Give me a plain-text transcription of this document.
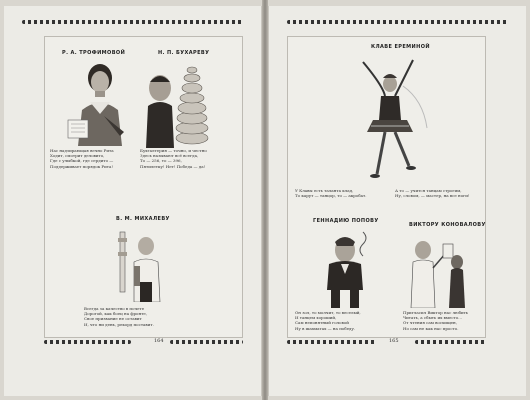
Р. А. ТРОФИМОВОЙ	Н. П. БУХАРЕВУ
Нас надзирающая вечно Рита
Ходит, смотрит деловито,
Где с улыбкой, где сердито —
Поддерживает порядок Рита!
Бухгалтерия — точно, и честно
Здесь называют всё всегда,
То — 256, то — 396,
Пятилетку! Нет! Победа — да!
В. М. МИХАЛЕВУ
Всегда за качество в почете
Дорогой, как боец на фронте,
Свое призвание не оставит
И, что ни день, рекорд поставит.
164
КЛАВЕ ЕРЕМИНОЙ
У Клавы есть таланта клад,
То карут — танцор, то — акробат.
А то — учится танцам строгим,
Ну, словом, — мастер, на все ноги!
ГЕННАДИЮ ПОПОВУ
ВИКТОРУ КОНОВАЛОВУ
Он зол, то молчит, то веселый,
И танцем хороший,
Сам непонятный головой
Ну в шахматах — на победу.
Пригласил Виктор нас любить
Читать, а сбыть их вместо...
От чтения сам восхищен,
Но сам не как нас просто.
165
